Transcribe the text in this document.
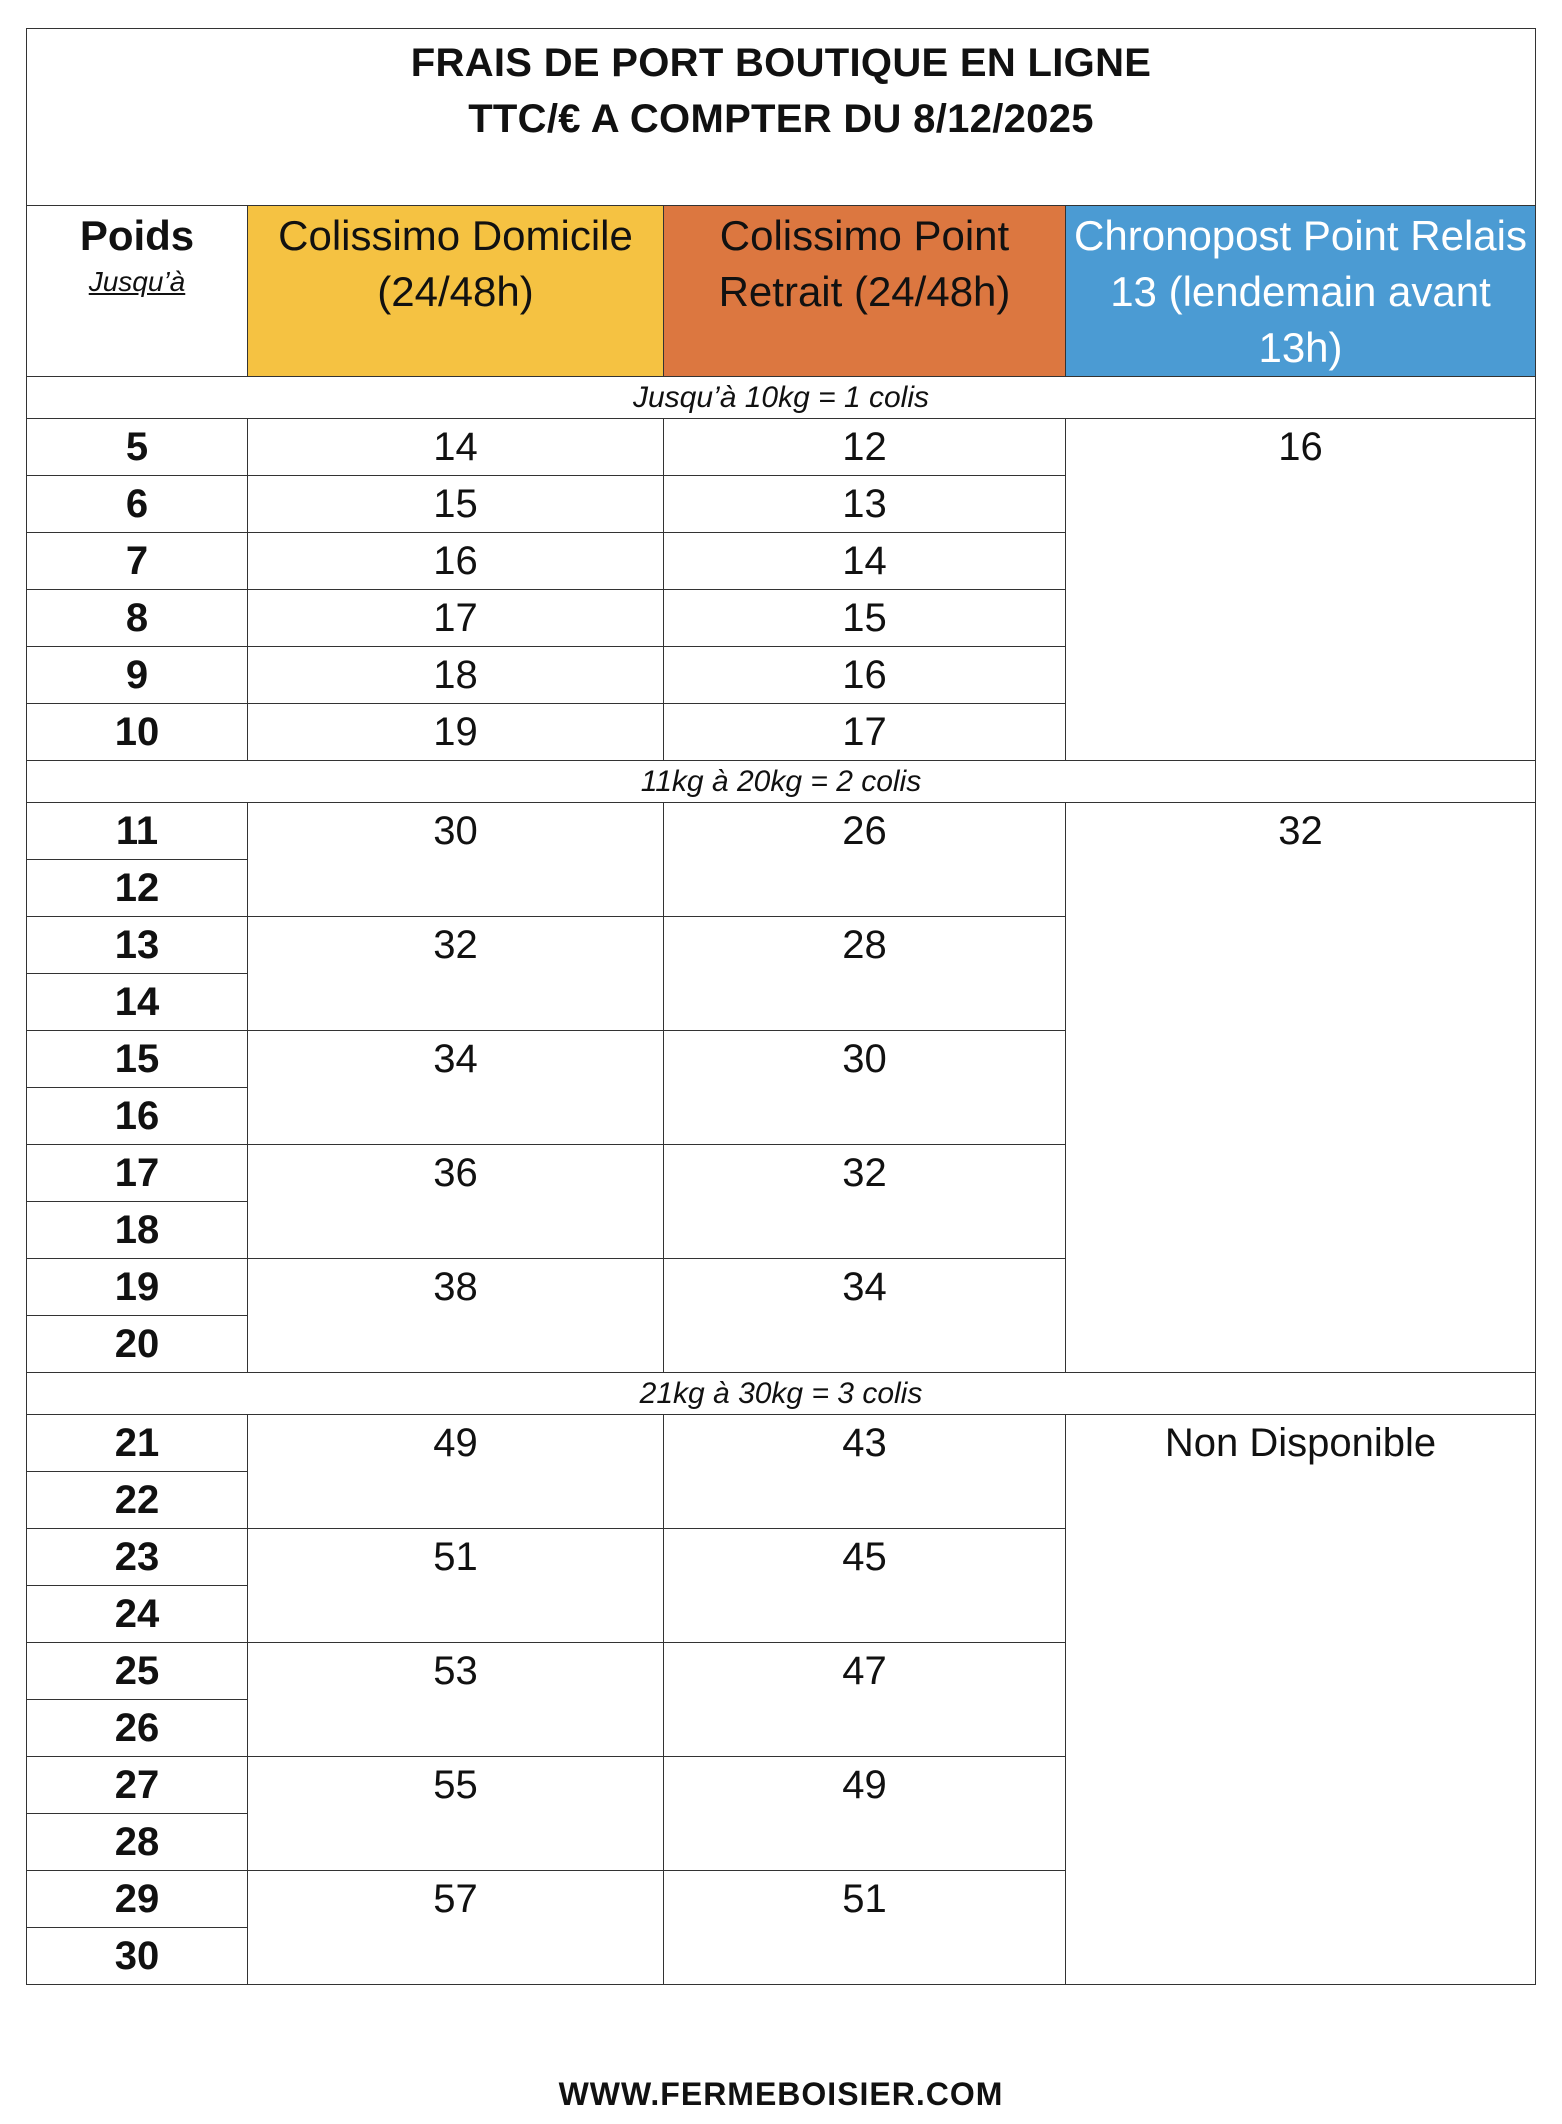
FRAIS DE PORT BOUTIQUE EN LIGNE
TTC/€ A COMPTER DU 8/12/2025			

Poids
Jusqu’à	Colissimo Domicile (24/48h)	Colissimo Point Retrait (24/48h)	Chronopost Point Relais 13 (lendemain avant 13h)
Jusqu’à 10kg = 1 colis			
5	14	12	16
6	15	13	
7	16	14	
8	17	15	
9	18	16	
10	19	17	
11kg à 20kg = 2 colis			
11	30	26	32
12			
13	32	28	
14			
15	34	30	
16			
17	36	32	
18			
19	38	34	
20			
21kg à 30kg = 3 colis			
21	49	43	Non Disponible
22			
23	51	45	
24			
25	53	47	
26			
27	55	49	
28			
29	57	51	
30			
WWW.FERMEBOISIER.COM
